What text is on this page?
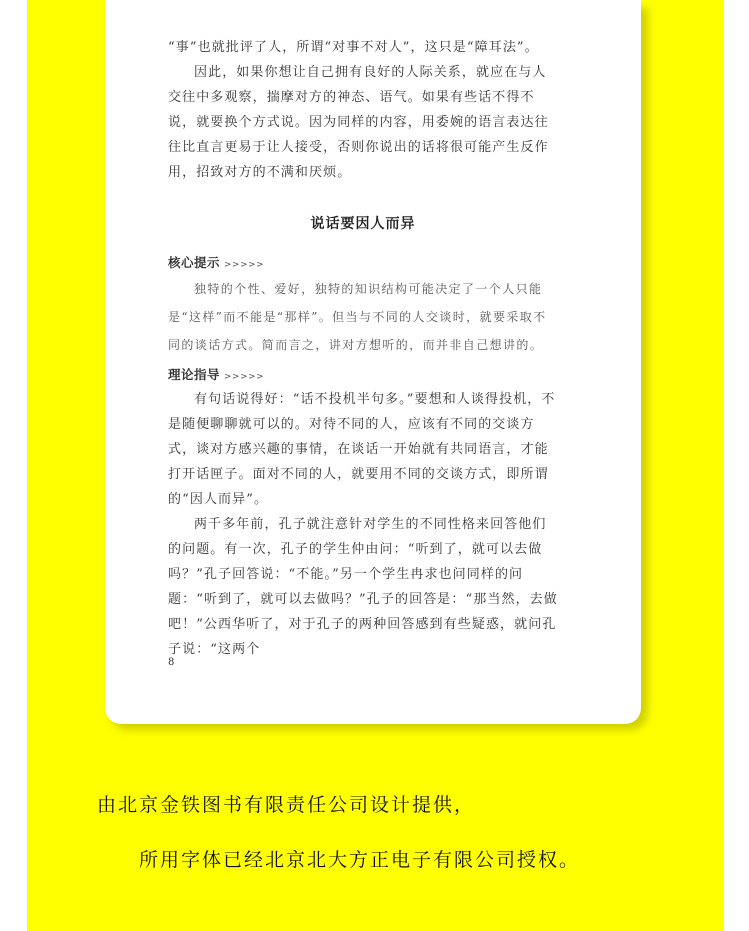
“事”也就批评了人，所谓“对事不对人”，这只是“障耳法”。

因此，如果你想让自己拥有良好的人际关系，就应在与人交往中多观察，揣摩对方的神态、语气。如果有些话不得不说，就要换个方式说。因为同样的内容，用委婉的语言表达往往比直言更易于让人接受，否则你说出的话将很可能产生反作用，招致对方的不满和厌烦。

说话要因人而异
核心提示 >>>>>

独特的个性、爱好，独特的知识结构可能决定了一个人只能是“这样”而不能是“那样”。但当与不同的人交谈时，就要采取不同的谈话方式。简而言之，讲对方想听的，而并非自己想讲的。

理论指导 >>>>>

有句话说得好：“话不投机半句多。”要想和人谈得投机，不是随便聊聊就可以的。对待不同的人，应该有不同的交谈方式，谈对方感兴趣的事情，在谈话一开始就有共同语言，才能打开话匣子。面对不同的人，就要用不同的交谈方式，即所谓的“因人而异”。

两千多年前，孔子就注意针对学生的不同性格来回答他们的问题。有一次，孔子的学生仲由问：“听到了，就可以去做吗？”孔子回答说：“不能。”另一个学生冉求也问同样的问题：“听到了，就可以去做吗？”孔子的回答是：“那当然，去做吧！”公西华听了，对于孔子的两种回答感到有些疑惑，就问孔子说：“这两个

8
由北京金铁图书有限责任公司设计提供，
所用字体已经北京北大方正电子有限公司授权。
